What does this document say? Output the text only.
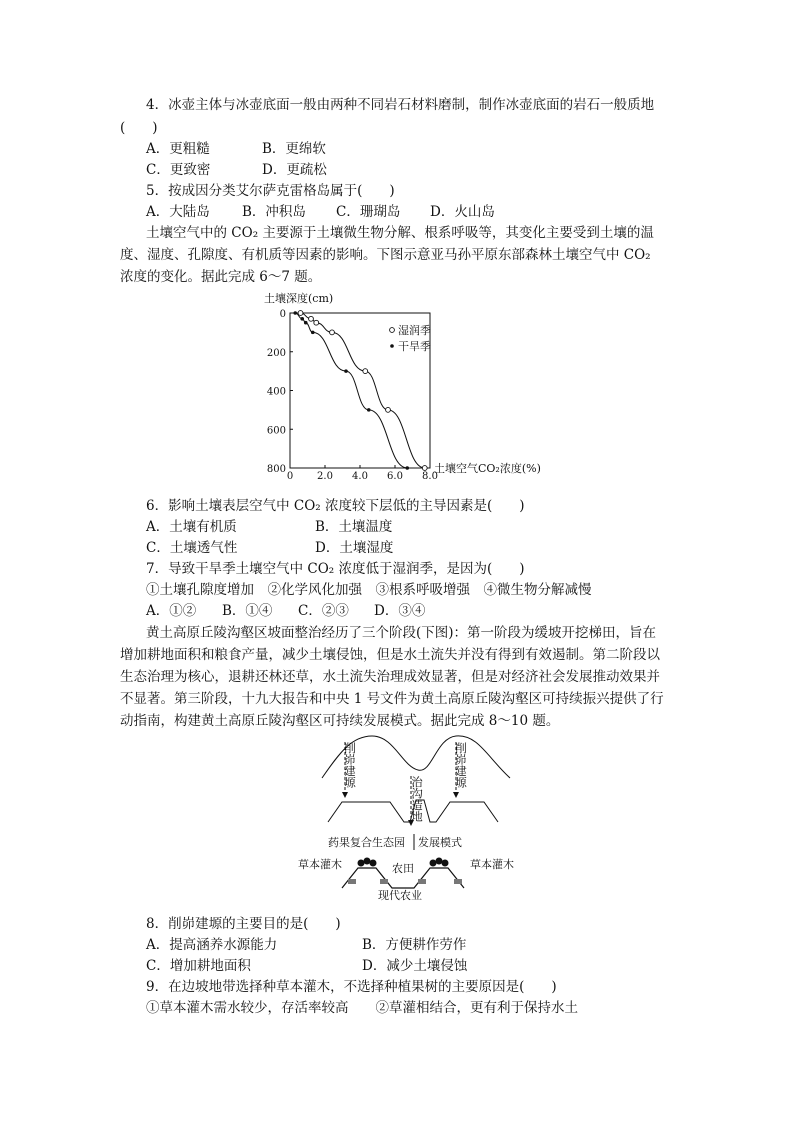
4．冰壶主体与冰壶底面一般由两种不同岩石材料磨制，制作冰壶底面的岩石一般质地
(　　)
A．更粗糙	B．更绵软
C．更致密	D．更疏松
5．按成因分类艾尔萨克雷格岛属于(　　)
A．大陆岛 B．冲积岛 C．珊瑚岛 D．火山岛
土壤空气中的 CO₂ 主要源于土壤微生物分解、根系呼吸等，其变化主要受到土壤的温
度、湿度、孔隙度、有机质等因素的影响。下图示意亚马孙平原东部森林土壤空气中 CO₂
浓度的变化。据此完成 6～7 题。
土壤深度(cm)
0 2.0 4.0 6.0 8.0
0
200
400
600
800
湿润季
干旱季
土壤空气CO₂浓度(%)
6．影响土壤表层空气中 CO₂ 浓度较下层低的主导因素是(　　)
A．土壤有机质	B．土壤温度
C．土壤透气性	D．土壤湿度
7．导致干旱季土壤空气中 CO₂ 浓度低于湿润季，是因为(　　)
①土壤孔隙度增加　②化学风化加强　③根系呼吸增强　④微生物分解减慢
A．①② B．①④ C．②③ D．③④
黄土高原丘陵沟壑区坡面整治经历了三个阶段(下图)：第一阶段为缓坡开挖梯田，旨在
增加耕地面积和粮食产量，减少土壤侵蚀，但是水土流失并没有得到有效遏制。第二阶段以
生态治理为核心，退耕还林还草，水土流失治理成效显著，但是对经济社会发展推动效果并
不显著。第三阶段，十九大报告和中央 1 号文件为黄土高原丘陵沟壑区可持续振兴提供了行
动指南，构建黄土高原丘陵沟壑区可持续发展模式。据此完成 8～10 题。
削峁建塬
治沟造地
削峁建塬
药果复合生态园 发展模式
草本灌木	草本灌木
农田
现代农业
8．削峁建塬的主要目的是(　　)
A．提高涵养水源能力	B．方便耕作劳作
C．增加耕地面积	D．减少土壤侵蚀
9．在边坡地带选择种草本灌木，不选择种植果树的主要原因是(　　)
①草本灌木需水较少，存活率较高　　②草灌相结合，更有利于保持水土
